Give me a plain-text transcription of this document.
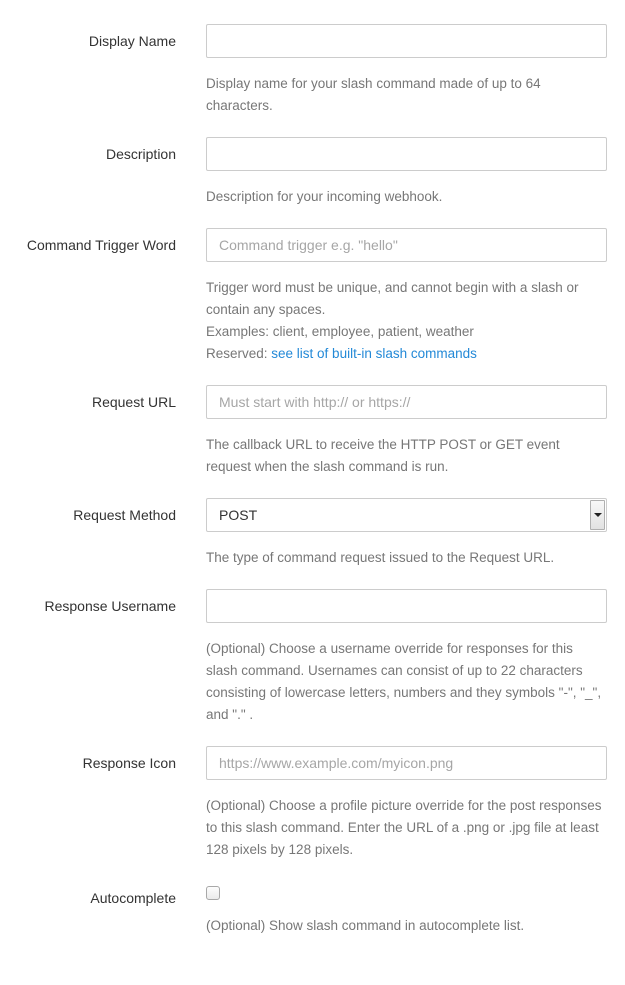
Display Name

Display name for your slash command made of up to 64 characters.

Description

Description for your incoming webhook.

Command Trigger Word
Command trigger e.g. "hello"

Trigger word must be unique, and cannot begin with a slash or contain any spaces.

Examples: client, employee, patient, weather

Reserved: see list of built-in slash commands

Request URL
Must start with http:// or https://

The callback URL to receive the HTTP POST or GET event request when the slash command is run.

Request Method
POST

The type of command request issued to the Request URL.

Response Username

(Optional) Choose a username override for responses for this slash command. Usernames can consist of up to 22 characters consisting of lowercase letters, numbers and they symbols "-", "_", and "." .

Response Icon
https://www.example.com/myicon.png

(Optional) Choose a profile picture override for the post responses to this slash command. Enter the URL of a .png or .jpg file at least 128 pixels by 128 pixels.

Autocomplete

(Optional) Show slash command in autocomplete list.
